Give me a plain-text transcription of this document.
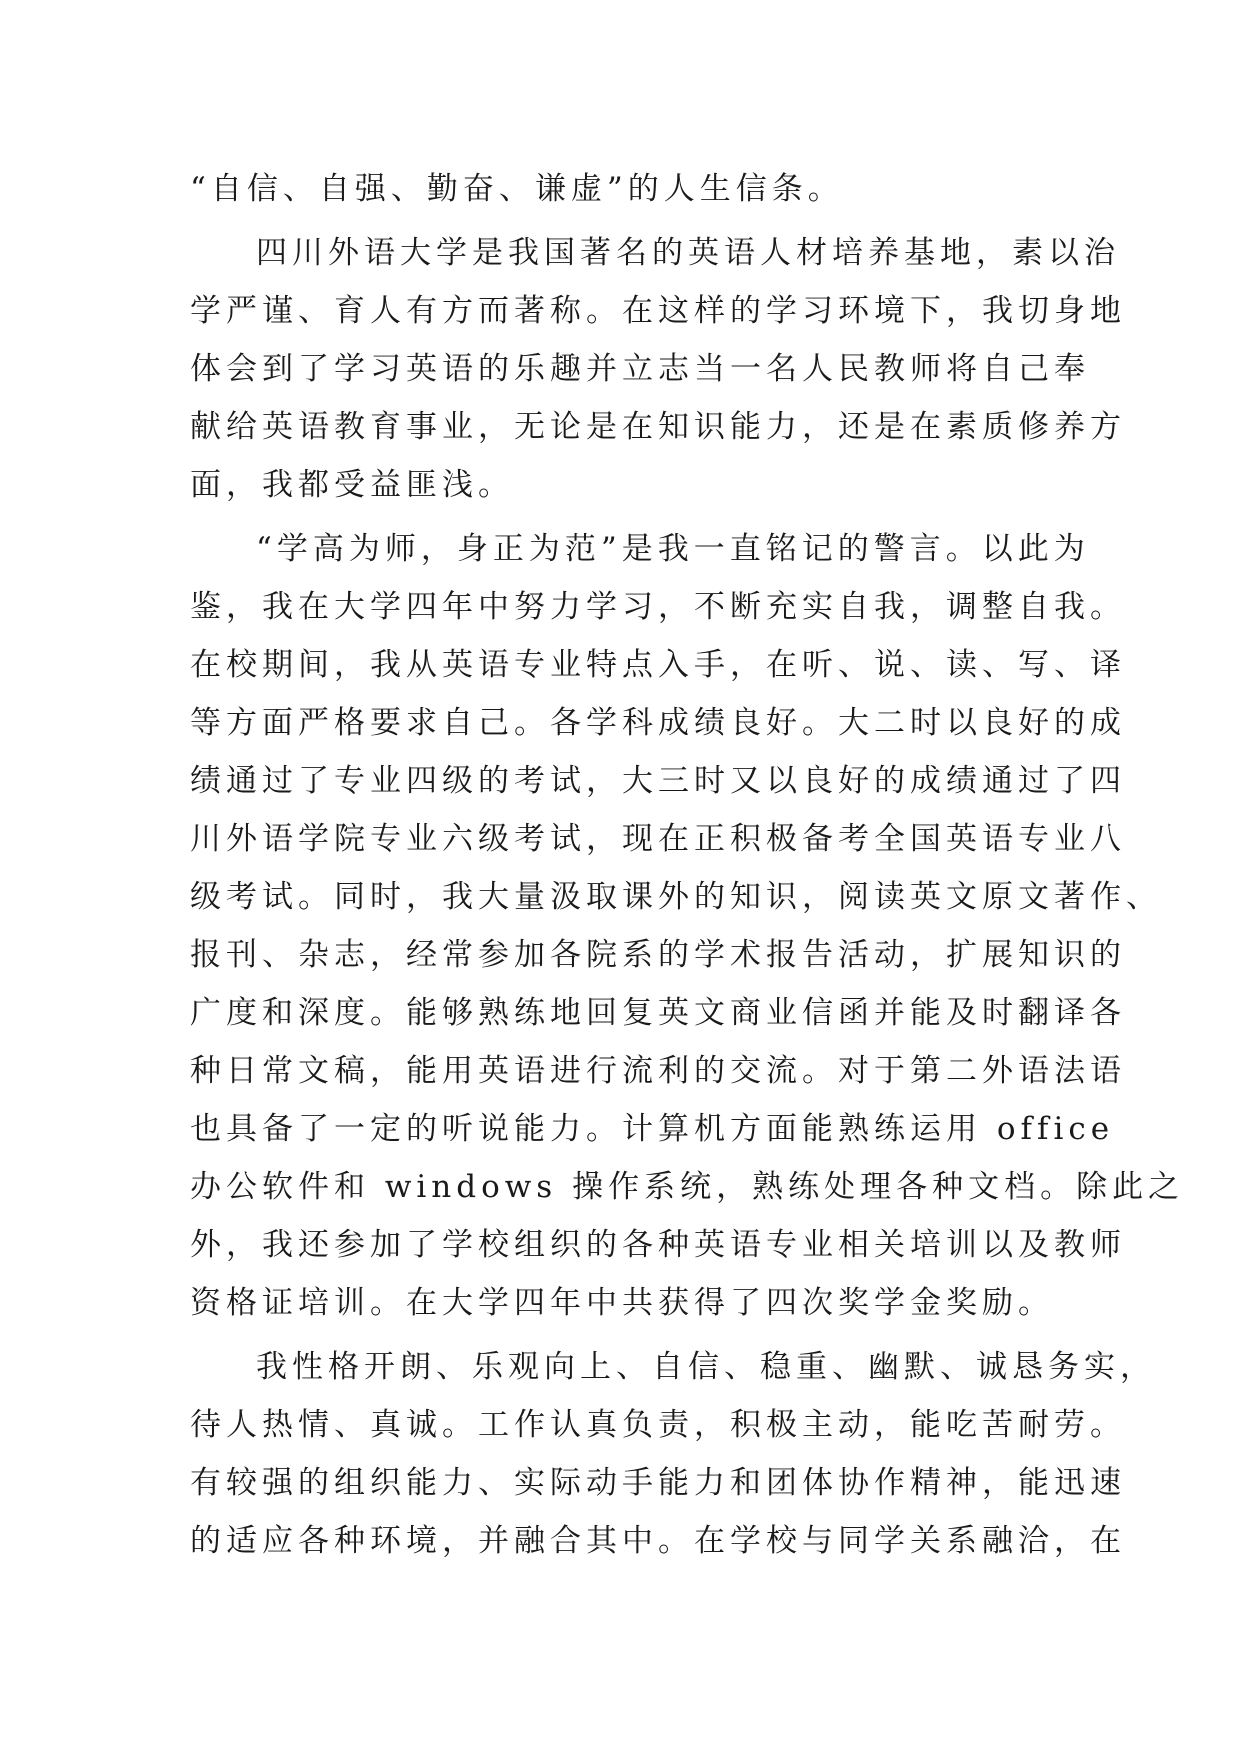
“自信、自强、勤奋、谦虚”的人生信条。
四川外语大学是我国著名的英语人材培养基地，素以治
学严谨、育人有方而著称。在这样的学习环境下，我切身地
体会到了学习英语的乐趣并立志当一名人民教师将自己奉
献给英语教育事业，无论是在知识能力，还是在素质修养方
面，我都受益匪浅。
“学高为师，身正为范”是我一直铭记的警言。以此为
鉴，我在大学四年中努力学习，不断充实自我，调整自我。
在校期间，我从英语专业特点入手，在听、说、读、写、译
等方面严格要求自己。各学科成绩良好。大二时以良好的成
绩通过了专业四级的考试，大三时又以良好的成绩通过了四
川外语学院专业六级考试，现在正积极备考全国英语专业八
级考试。同时，我大量汲取课外的知识，阅读英文原文著作、
报刊、杂志，经常参加各院系的学术报告活动，扩展知识的
广度和深度。能够熟练地回复英文商业信函并能及时翻译各
种日常文稿，能用英语进行流利的交流。对于第二外语法语
也具备了一定的听说能力。计算机方面能熟练运用 office
办公软件和 windows 操作系统，熟练处理各种文档。除此之
外，我还参加了学校组织的各种英语专业相关培训以及教师
资格证培训。在大学四年中共获得了四次奖学金奖励。
我性格开朗、乐观向上、自信、稳重、幽默、诚恳务实，
待人热情、真诚。工作认真负责，积极主动，能吃苦耐劳。
有较强的组织能力、实际动手能力和团体协作精神，能迅速
的适应各种环境，并融合其中。在学校与同学关系融洽，在
